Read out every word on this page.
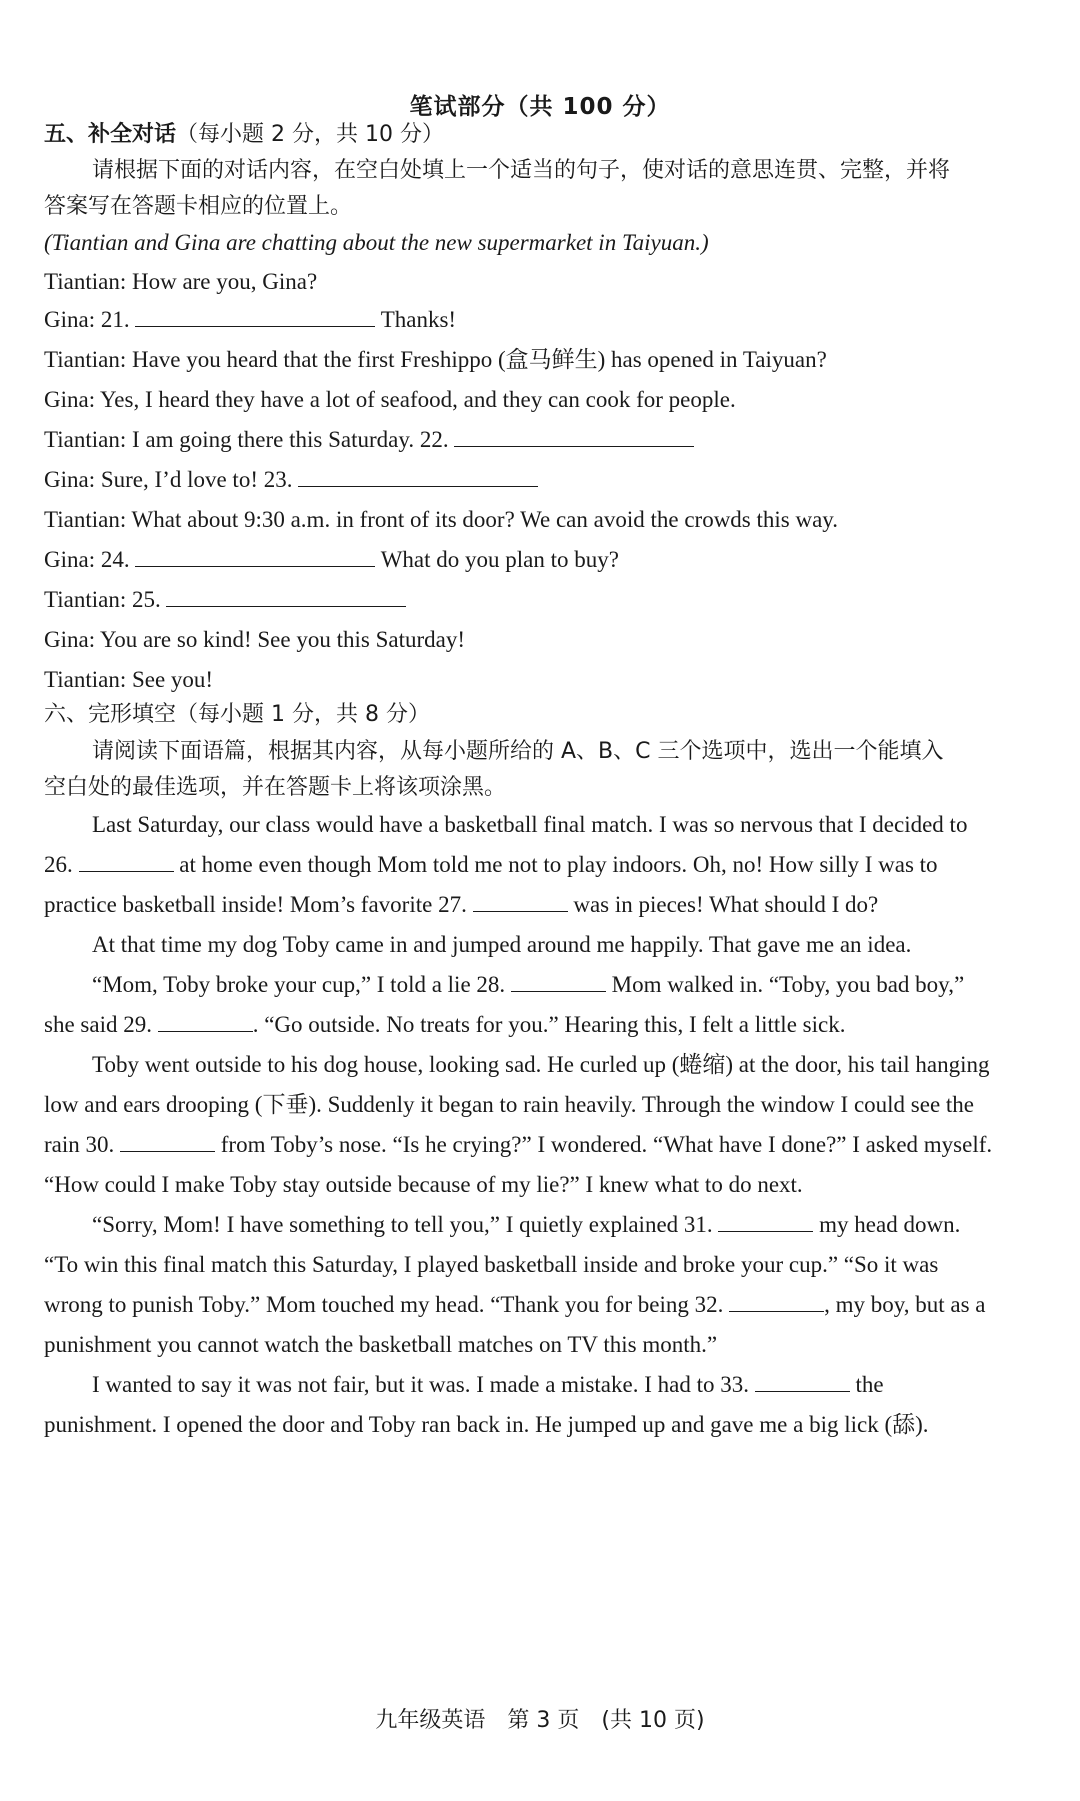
笔试部分（共 100 分）
五、补全对话（每小题 2 分，共 10 分）
请根据下面的对话内容，在空白处填上一个适当的句子，使对话的意思连贯、完整，并将
答案写在答题卡相应的位置上。
(Tiantian and Gina are chatting about the new supermarket in Taiyuan.)
Tiantian: How are you, Gina?
Gina: 21.	Thanks!
Tiantian: Have you heard that the first Freshippo (盒马鲜生) has opened in Taiyuan?
Gina: Yes, I heard they have a lot of seafood, and they can cook for people.
Tiantian: I am going there this Saturday. 22.
Gina: Sure, I’d love to! 23.
Tiantian: What about 9:30 a.m. in front of its door? We can avoid the crowds this way.
Gina: 24.	What do you plan to buy?
Tiantian: 25.
Gina: You are so kind! See you this Saturday!
Tiantian: See you!
六、完形填空（每小题 1 分，共 8 分）
请阅读下面语篇，根据其内容，从每小题所给的 A、B、C 三个选项中，选出一个能填入
空白处的最佳选项，并在答题卡上将该项涂黑。
Last Saturday, our class would have a basketball final match. I was so nervous that I decided to
26.	at home even though Mom told me not to play indoors. Oh, no! How silly I was to
practice basketball inside! Mom’s favorite 27.	was in pieces! What should I do?
At that time my dog Toby came in and jumped around me happily. That gave me an idea.
“Mom, Toby broke your cup,” I told a lie 28.	Mom walked in. “Toby, you bad boy,”
she said 29.	. “Go outside. No treats for you.” Hearing this, I felt a little sick.
Toby went outside to his dog house, looking sad. He curled up (蜷缩) at the door, his tail hanging
low and ears drooping (下垂). Suddenly it began to rain heavily. Through the window I could see the
rain 30.	from Toby’s nose. “Is he crying?” I wondered. “What have I done?” I asked myself.
“How could I make Toby stay outside because of my lie?” I knew what to do next.
“Sorry, Mom! I have something to tell you,” I quietly explained 31.	my head down.
“To win this final match this Saturday, I played basketball inside and broke your cup.” “So it was
wrong to punish Toby.” Mom touched my head. “Thank you for being 32.	, my boy, but as a
punishment you cannot watch the basketball matches on TV this month.”
I wanted to say it was not fair, but it was. I made a mistake. I had to 33.	the
punishment. I opened the door and Toby ran back in. He jumped up and gave me a big lick (舔).
九年级英语　第 3 页　(共 10 页)
